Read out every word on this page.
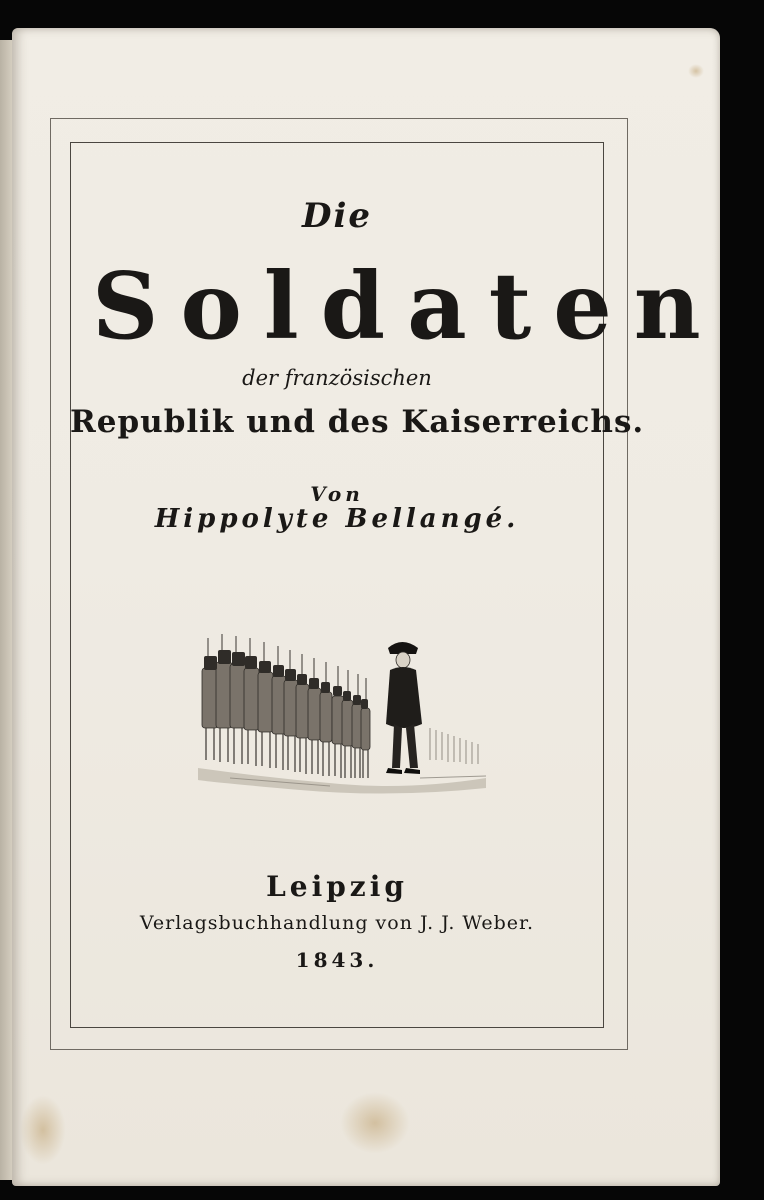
Die

Soldaten

der französischen

Republik und des Kaiserreichs.

Von

Hippolyte Bellangé.

Leipzig

Verlagsbuchhandlung von J. J. Weber.

1843.
